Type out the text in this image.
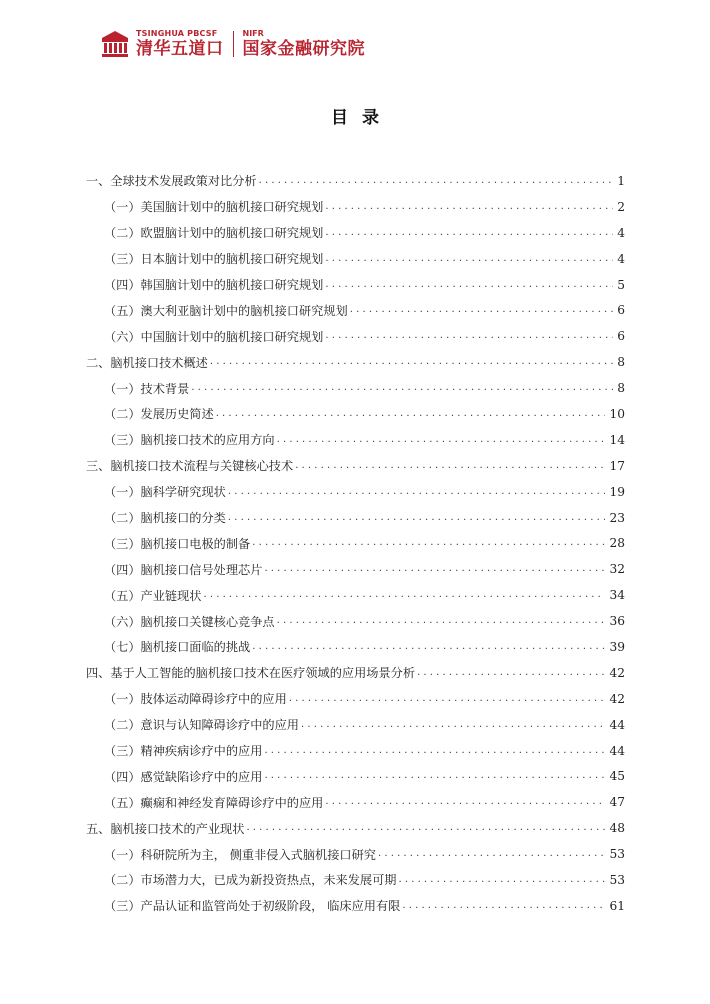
TSINGHUA PBCSF
清华五道口
NIFR
国家金融研究院
目录
一、全球技术发展政策对比分析 . . .	1
（一）美国脑计划中的脑机接口研究规划 . . .	2
（二）欧盟脑计划中的脑机接口研究规划 . . .	4
（三）日本脑计划中的脑机接口研究规划 . . .	4
（四）韩国脑计划中的脑机接口研究规划 . . .	5
（五）澳大利亚脑计划中的脑机接口研究规划 . . .	6
（六）中国脑计划中的脑机接口研究规划 . . .	6
二、脑机接口技术概述 . . .	8
（一）技术背景 . . .	8
（二）发展历史简述 . . .	10
（三）脑机接口技术的应用方向 . . .	14
三、脑机接口技术流程与关键核心技术 . . .	17
（一）脑科学研究现状 . . .	19
（二）脑机接口的分类 . . .	23
（三）脑机接口电极的制备 . . .	28
（四）脑机接口信号处理芯片 . . .	32
（五）产业链现状 . . .	34
（六）脑机接口关键核心竞争点 . . .	36
（七）脑机接口面临的挑战 . . .	39
四、基于人工智能的脑机接口技术在医疗领域的应用场景分析 . . .	42
（一）肢体运动障碍诊疗中的应用 . . .	42
（二）意识与认知障碍诊疗中的应用 . . .	44
（三）精神疾病诊疗中的应用 . . .	44
（四）感觉缺陷诊疗中的应用 . . .	45
（五）癫痫和神经发育障碍诊疗中的应用 . . .	47
五、脑机接口技术的产业现状 . . .	48
（一）科研院所为主， 侧重非侵入式脑机接口研究 . . .	53
（二）市场潜力大，已成为新投资热点，未来发展可期 . . .	53
（三）产品认证和监管尚处于初级阶段， 临床应用有限 . . .	61
